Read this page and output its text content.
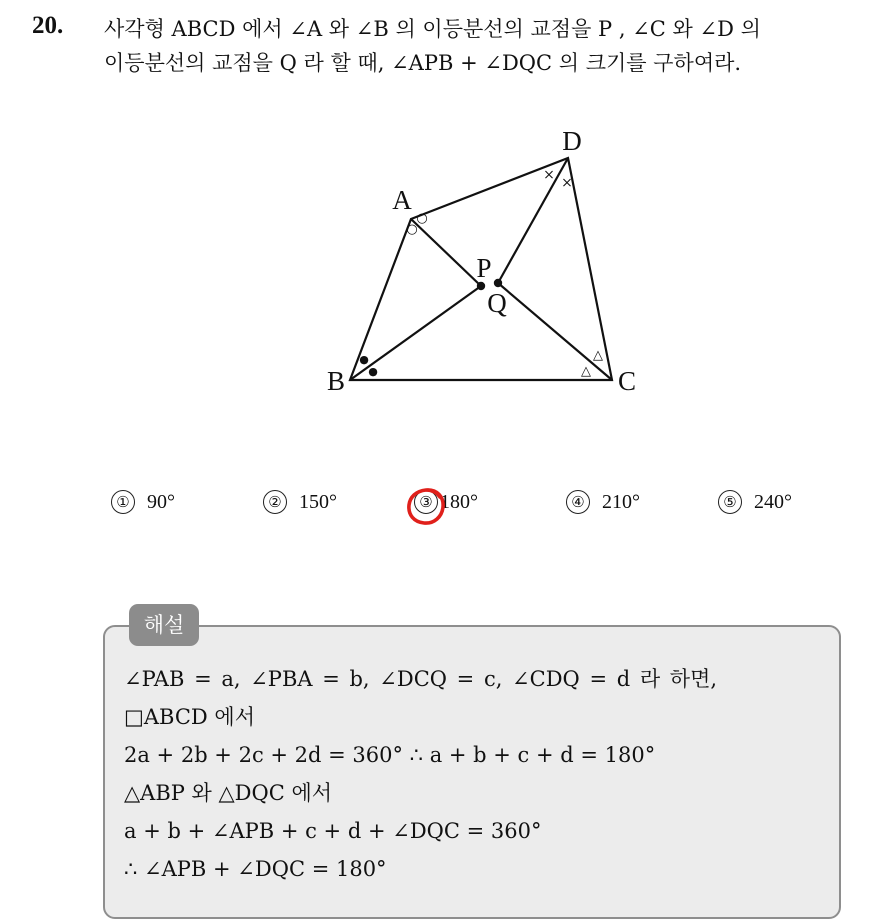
20. 사각형 ABCD 에서 ∠A 와 ∠B 의 이등분선의 교점을 P , ∠C 와 ∠D 의
이등분선의 교점을 Q 라 할 때, ∠APB + ∠DQC 의 크기를 구하여라.
○
○
●
●
△
△
× ×
D
A
B	C
P
Q
① 90°	② 150°	③ 180°	④ 210°	⑤ 240°
해설
∠PAB = a, ∠PBA = b, ∠DCQ = c, ∠CDQ = d 라 하면,
□ABCD 에서
2a + 2b + 2c + 2d = 360° ∴ a + b + c + d = 180°
△ABP 와 △DQC 에서
a + b + ∠APB + c + d + ∠DQC = 360°
∴ ∠APB + ∠DQC = 180°
